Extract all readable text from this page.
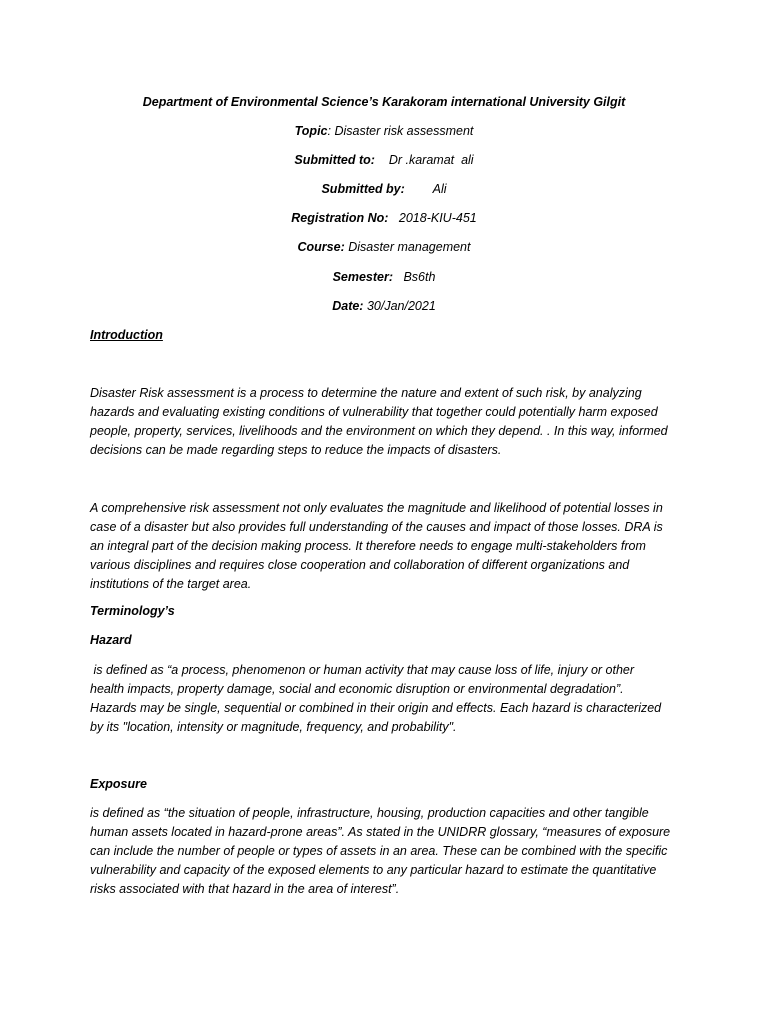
Department of Environmental Science’s Karakoram international University Gilgit
Topic: Disaster risk assessment
Submitted to: Dr .karamat  ali
Submitted by: Ali
Registration No: 2018-KIU-451
Course: Disaster management
Semester: Bs6th
Date: 30/Jan/2021
Introduction

Disaster Risk assessment is a process to determine the nature and extent of such risk, by analyzing

hazards and evaluating existing conditions of vulnerability that together could potentially harm exposed

people, property, services, livelihoods and the environment on which they depend. . In this way, informed

decisions can be made regarding steps to reduce the impacts of disasters.

A comprehensive risk assessment not only evaluates the magnitude and likelihood of potential losses in

case of a disaster but also provides full understanding of the causes and impact of those losses. DRA is

an integral part of the decision making process. It therefore needs to engage multi-stakeholders from

various disciplines and requires close cooperation and collaboration of different organizations and

institutions of the target area.

Terminology’s
Hazard

is defined as “a process, phenomenon or human activity that may cause loss of life, injury or other

health impacts, property damage, social and economic disruption or environmental degradation”.

Hazards may be single, sequential or combined in their origin and effects. Each hazard is characterized

by its "location, intensity or magnitude, frequency, and probability".

Exposure

is defined as “the situation of people, infrastructure, housing, production capacities and other tangible

human assets located in hazard-prone areas”. As stated in the UNIDRR glossary, “measures of exposure

can include the number of people or types of assets in an area. These can be combined with the specific

vulnerability and capacity of the exposed elements to any particular hazard to estimate the quantitative

risks associated with that hazard in the area of interest”.
